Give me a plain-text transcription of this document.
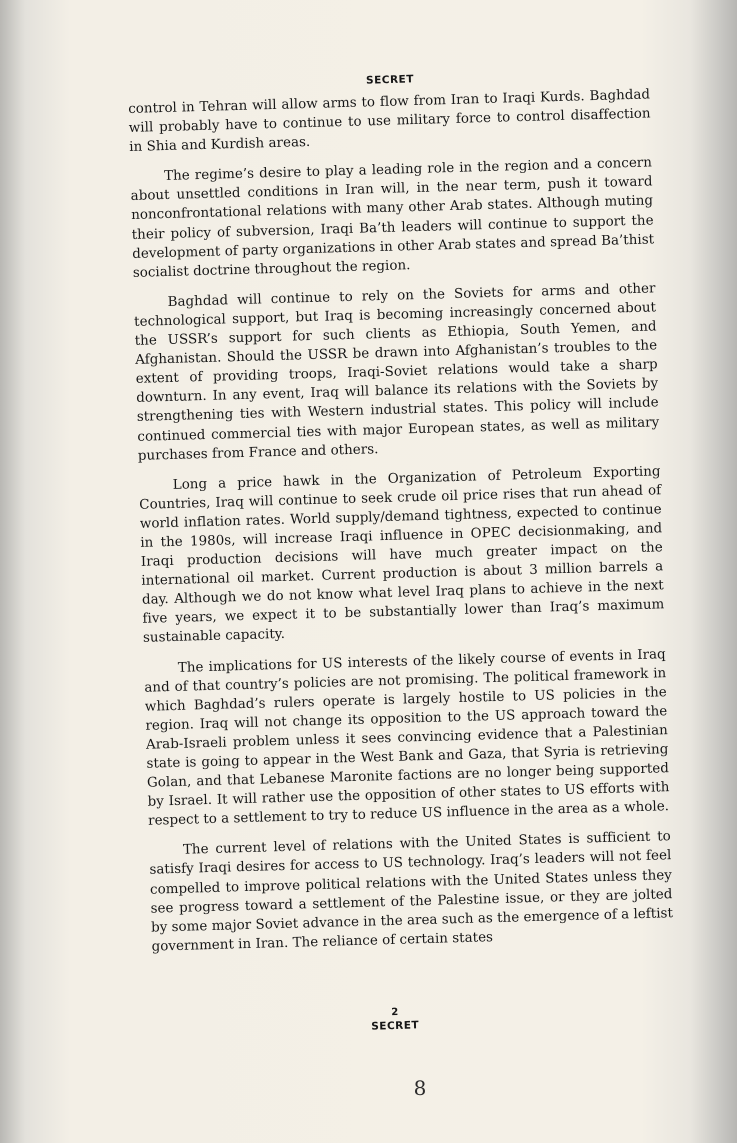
SECRET

control in Tehran will allow arms to flow from Iran to Iraqi Kurds. Baghdad will probably have to continue to use military force to control disaffection in Shia and Kurdish areas.

The regime’s desire to play a leading role in the region and a concern about unsettled conditions in Iran will, in the near term, push it toward nonconfrontational relations with many other Arab states. Although muting their policy of subversion, Iraqi Ba’th leaders will continue to support the development of party organizations in other Arab states and spread Ba’thist socialist doctrine throughout the region.

Baghdad will continue to rely on the Soviets for arms and other technological support, but Iraq is becoming increasingly concerned about the USSR’s support for such clients as Ethiopia, South Yemen, and Afghanistan. Should the USSR be drawn into Afghanistan’s troubles to the extent of providing troops, Iraqi-Soviet relations would take a sharp downturn. In any event, Iraq will balance its relations with the Soviets by strengthening ties with Western industrial states. This policy will include continued commercial ties with major European states, as well as military purchases from France and others.

Long a price hawk in the Organization of Petroleum Exporting Countries, Iraq will continue to seek crude oil price rises that run ahead of world inflation rates. World supply/demand tightness, expected to continue in the 1980s, will increase Iraqi influence in OPEC decisionmaking, and Iraqi production decisions will have much greater impact on the international oil market. Current production is about 3 million barrels a day. Although we do not know what level Iraq plans to achieve in the next five years, we expect it to be substantially lower than Iraq’s maximum sustainable capacity.

The implications for US interests of the likely course of events in Iraq and of that country’s policies are not promising. The political framework in which Baghdad’s rulers operate is largely hostile to US policies in the region. Iraq will not change its opposition to the US approach toward the Arab-Israeli problem unless it sees convincing evidence that a Palestinian state is going to appear in the West Bank and Gaza, that Syria is retrieving Golan, and that Lebanese Maronite factions are no longer being supported by Israel. It will rather use the opposition of other states to US efforts with respect to a settlement to try to reduce US influence in the area as a whole.

The current level of relations with the United States is sufficient to satisfy Iraqi desires for access to US technology. Iraq’s leaders will not feel compelled to improve political relations with the United States unless they see progress toward a settlement of the Palestine issue, or they are jolted by some major Soviet advance in the area such as the emergence of a leftist government in Iran. The reliance of certain states

2
SECRET
8
